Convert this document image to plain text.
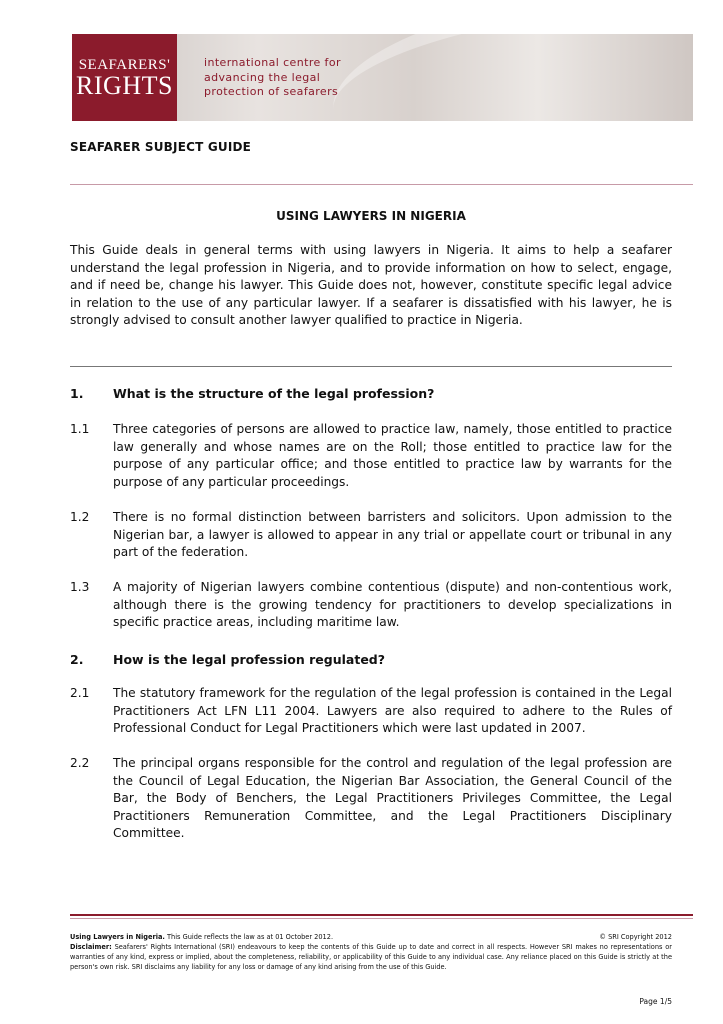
SEAFARERS'
RIGHTS
international centre for
advancing the legal
protection of seafarers
SEAFARER SUBJECT GUIDE
USING LAWYERS IN NIGERIA
This Guide deals in general terms with using lawyers in Nigeria. It aims to help a seafarer understand the legal profession in Nigeria, and to provide information on how to select, engage, and if need be, change his lawyer. This Guide does not, however, constitute specific legal advice in relation to the use of any particular lawyer. If a seafarer is dissatisfied with his lawyer, he is strongly advised to consult another lawyer qualified to practice in Nigeria.
1. What is the structure of the legal profession?
1.1 Three categories of persons are allowed to practice law, namely, those entitled to practice law generally and whose names are on the Roll; those entitled to practice law for the purpose of any particular office; and those entitled to practice law by warrants for the purpose of any particular proceedings.
1.2 There is no formal distinction between barristers and solicitors. Upon admission to the Nigerian bar, a lawyer is allowed to appear in any trial or appellate court or tribunal in any part of the federation.
1.3 A majority of Nigerian lawyers combine contentious (dispute) and non-contentious work, although there is the growing tendency for practitioners to develop specializations in specific practice areas, including maritime law.
2. How is the legal profession regulated?
2.1 The statutory framework for the regulation of the legal profession is contained in the Legal Practitioners Act LFN L11 2004. Lawyers are also required to adhere to the Rules of Professional Conduct for Legal Practitioners which were last updated in 2007.
2.2 The principal organs responsible for the control and regulation of the legal profession are the Council of Legal Education, the Nigerian Bar Association, the General Council of the Bar, the Body of Benchers, the Legal Practitioners Privileges Committee, the Legal Practitioners Remuneration Committee, and the Legal Practitioners Disciplinary Committee.
Using Lawyers in Nigeria. This Guide reflects the law as at 01 October 2012.	© SRI Copyright 2012
Disclaimer: Seafarers' Rights International (SRI) endeavours to keep the contents of this Guide up to date and correct in all respects. However SRI makes no representations or warranties of any kind, express or implied, about the completeness, reliability, or applicability of this Guide to any individual case. Any reliance placed on this Guide is strictly at the person's own risk. SRI disclaims any liability for any loss or damage of any kind arising from the use of this Guide.
Page 1/5
